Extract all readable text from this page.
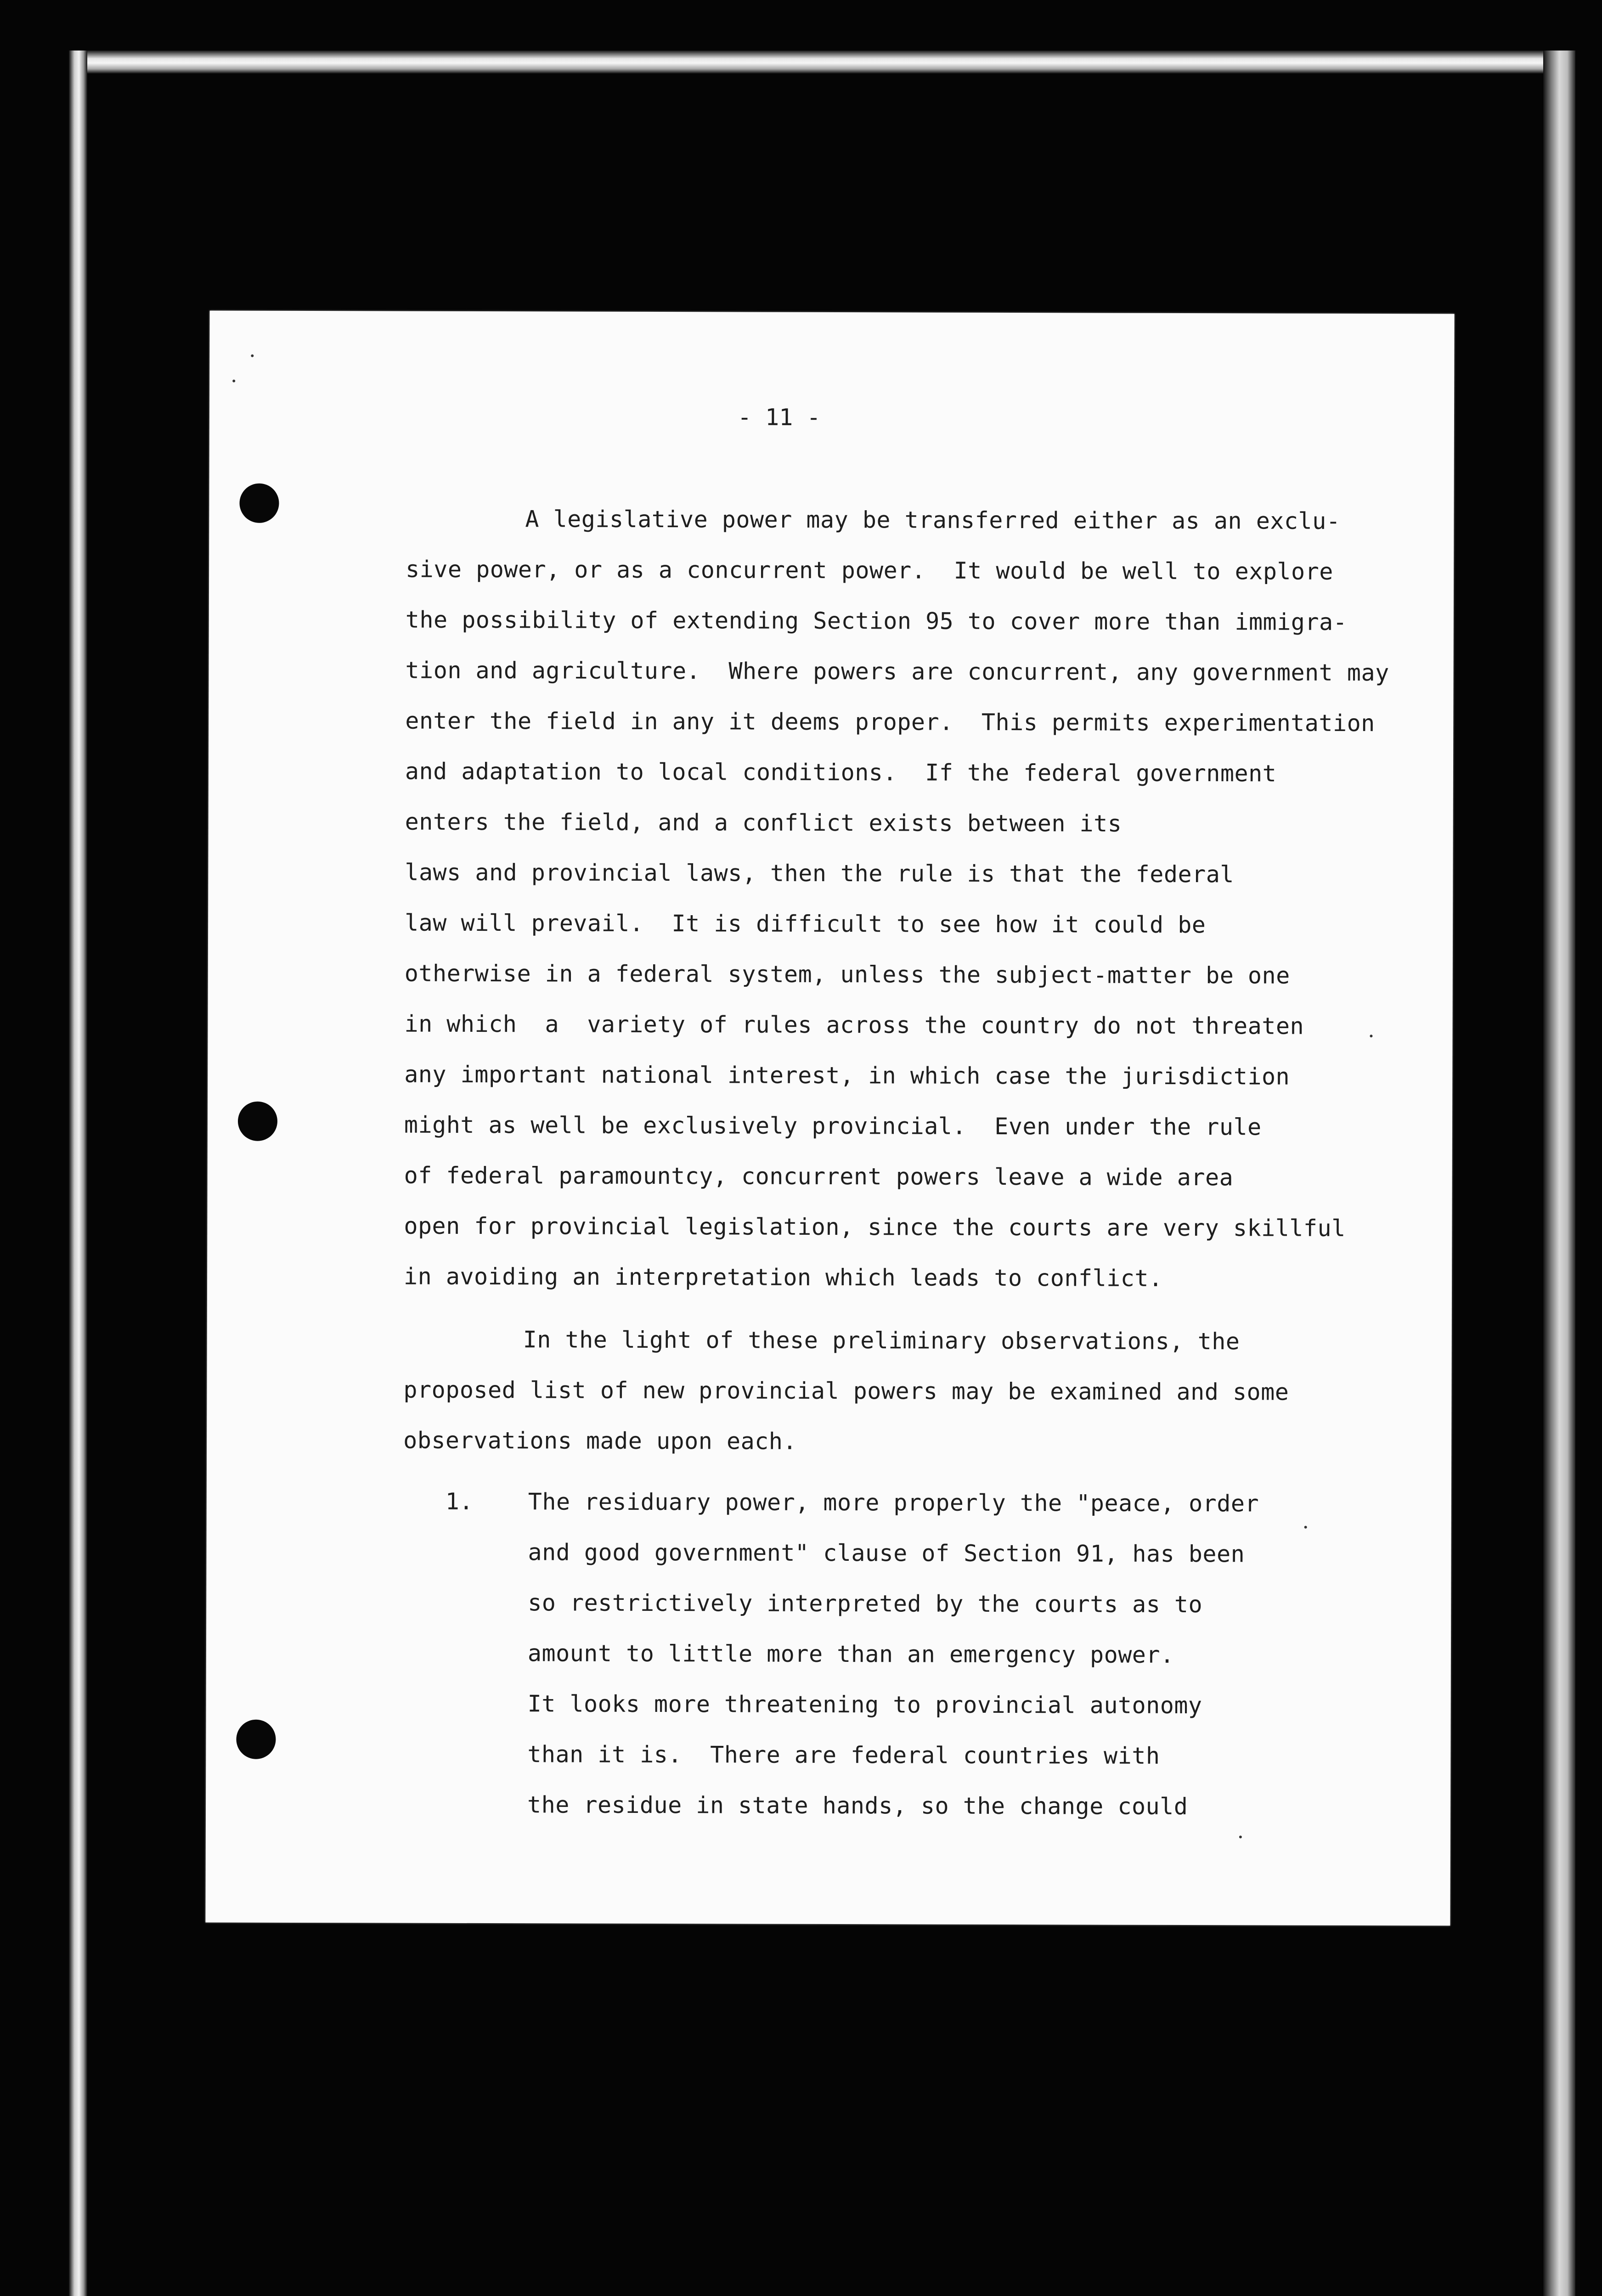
- 11 -
A legislative power may be transferred either as an exclu-
sive power, or as a concurrent power.  It would be well to explore
the possibility of extending Section 95 to cover more than immigra-
tion and agriculture.  Where powers are concurrent, any government may
enter the field in any it deems proper.  This permits experimentation
and adaptation to local conditions.  If the federal government
enters the field, and a conflict exists between its
laws and provincial laws, then the rule is that the federal
law will prevail.  It is difficult to see how it could be
otherwise in a federal system, unless the subject-matter be one
in which  a  variety of rules across the country do not threaten
any important national interest, in which case the jurisdiction
might as well be exclusively provincial.  Even under the rule
of federal paramountcy, concurrent powers leave a wide area
open for provincial legislation, since the courts are very skillful
in avoiding an interpretation which leads to conflict.
In the light of these preliminary observations, the
proposed list of new provincial powers may be examined and some
observations made upon each.
1. The residuary power, more properly the "peace, order
and good government" clause of Section 91, has been
so restrictively interpreted by the courts as to
amount to little more than an emergency power.
It looks more threatening to provincial autonomy
than it is.  There are federal countries with
the residue in state hands, so the change could
